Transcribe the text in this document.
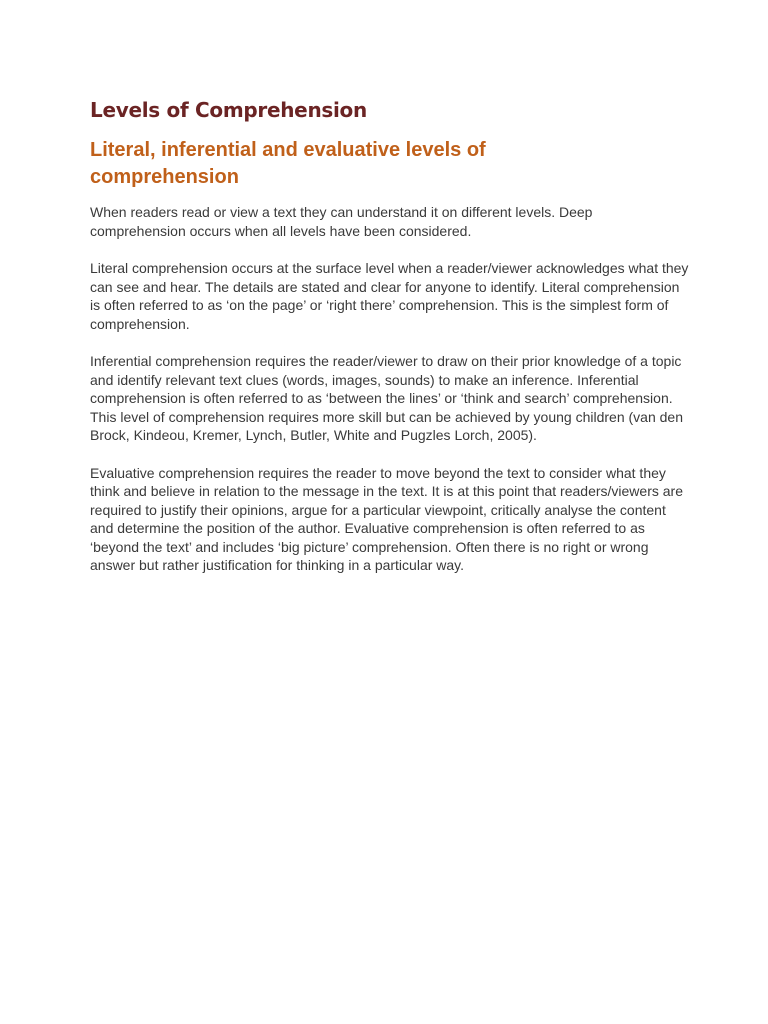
Levels of Comprehension
Literal, inferential and evaluative levels of comprehension

When readers read or view a text they can understand it on different levels. Deep comprehension occurs when all levels have been considered.

Literal comprehension occurs at the surface level when a reader/viewer acknowledges what they can see and hear. The details are stated and clear for anyone to identify. Literal comprehension is often referred to as ‘on the page’ or ‘right there’ comprehension. This is the simplest form of comprehension.

Inferential comprehension requires the reader/viewer to draw on their prior knowledge of a topic and identify relevant text clues (words, images, sounds) to make an inference. Inferential comprehension is often referred to as ‘between the lines’ or ‘think and search’ comprehension. This level of comprehension requires more skill but can be achieved by young children (van den Brock, Kindeou, Kremer, Lynch, Butler, White and Pugzles Lorch, 2005).

Evaluative comprehension requires the reader to move beyond the text to consider what they think and believe in relation to the message in the text. It is at this point that readers/viewers are required to justify their opinions, argue for a particular viewpoint, critically analyse the content and determine the position of the author. Evaluative comprehension is often referred to as ‘beyond the text’ and includes ‘big picture’ comprehension. Often there is no right or wrong answer but rather justification for thinking in a particular way.
